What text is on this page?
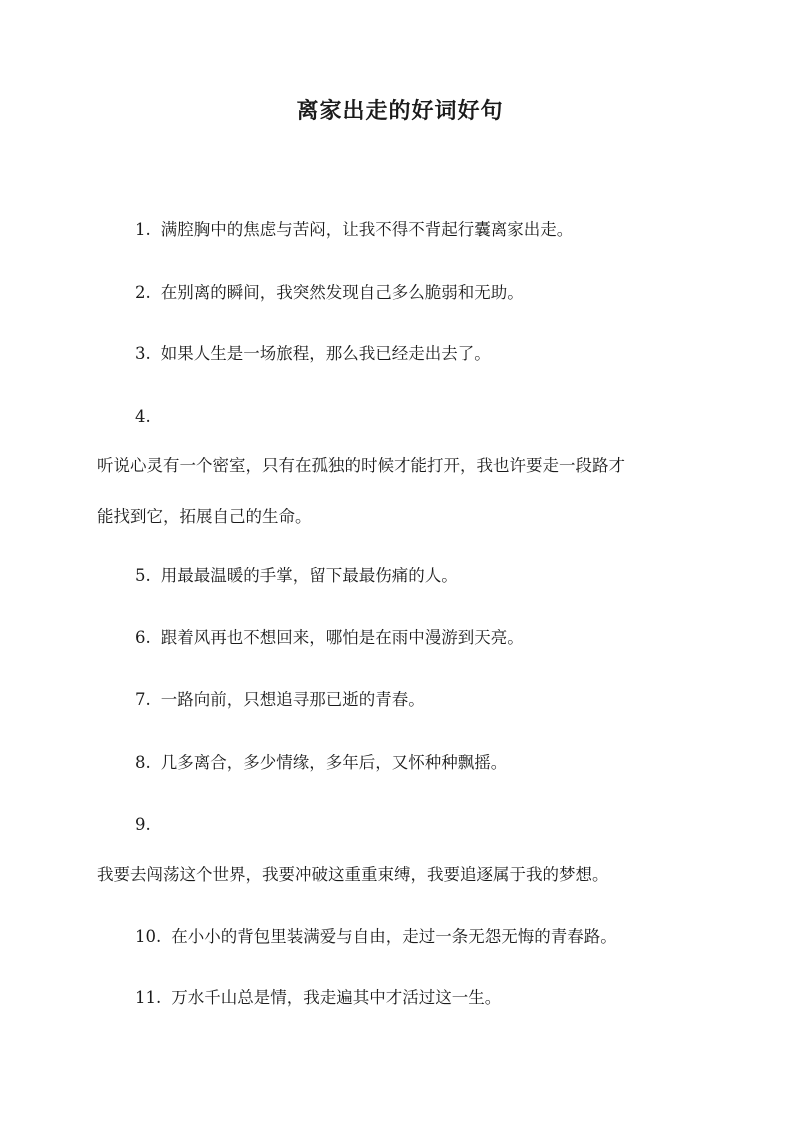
离家出走的好词好句
1. 满腔胸中的焦虑与苦闷，让我不得不背起行囊离家出走。
2. 在别离的瞬间，我突然发现自己多么脆弱和无助。
3. 如果人生是一场旅程，那么我已经走出去了。
4.
听说心灵有一个密室，只有在孤独的时候才能打开，我也许要走一段路才
能找到它，拓展自己的生命。
5. 用最最温暖的手掌，留下最最伤痛的人。
6. 跟着风再也不想回来，哪怕是在雨中漫游到天亮。
7. 一路向前，只想追寻那已逝的青春。
8. 几多离合，多少情缘，多年后，又怀种种飘摇。
9.
我要去闯荡这个世界，我要冲破这重重束缚，我要追逐属于我的梦想。
10. 在小小的背包里装满爱与自由，走过一条无怨无悔的青春路。
11. 万水千山总是情，我走遍其中才活过这一生。
